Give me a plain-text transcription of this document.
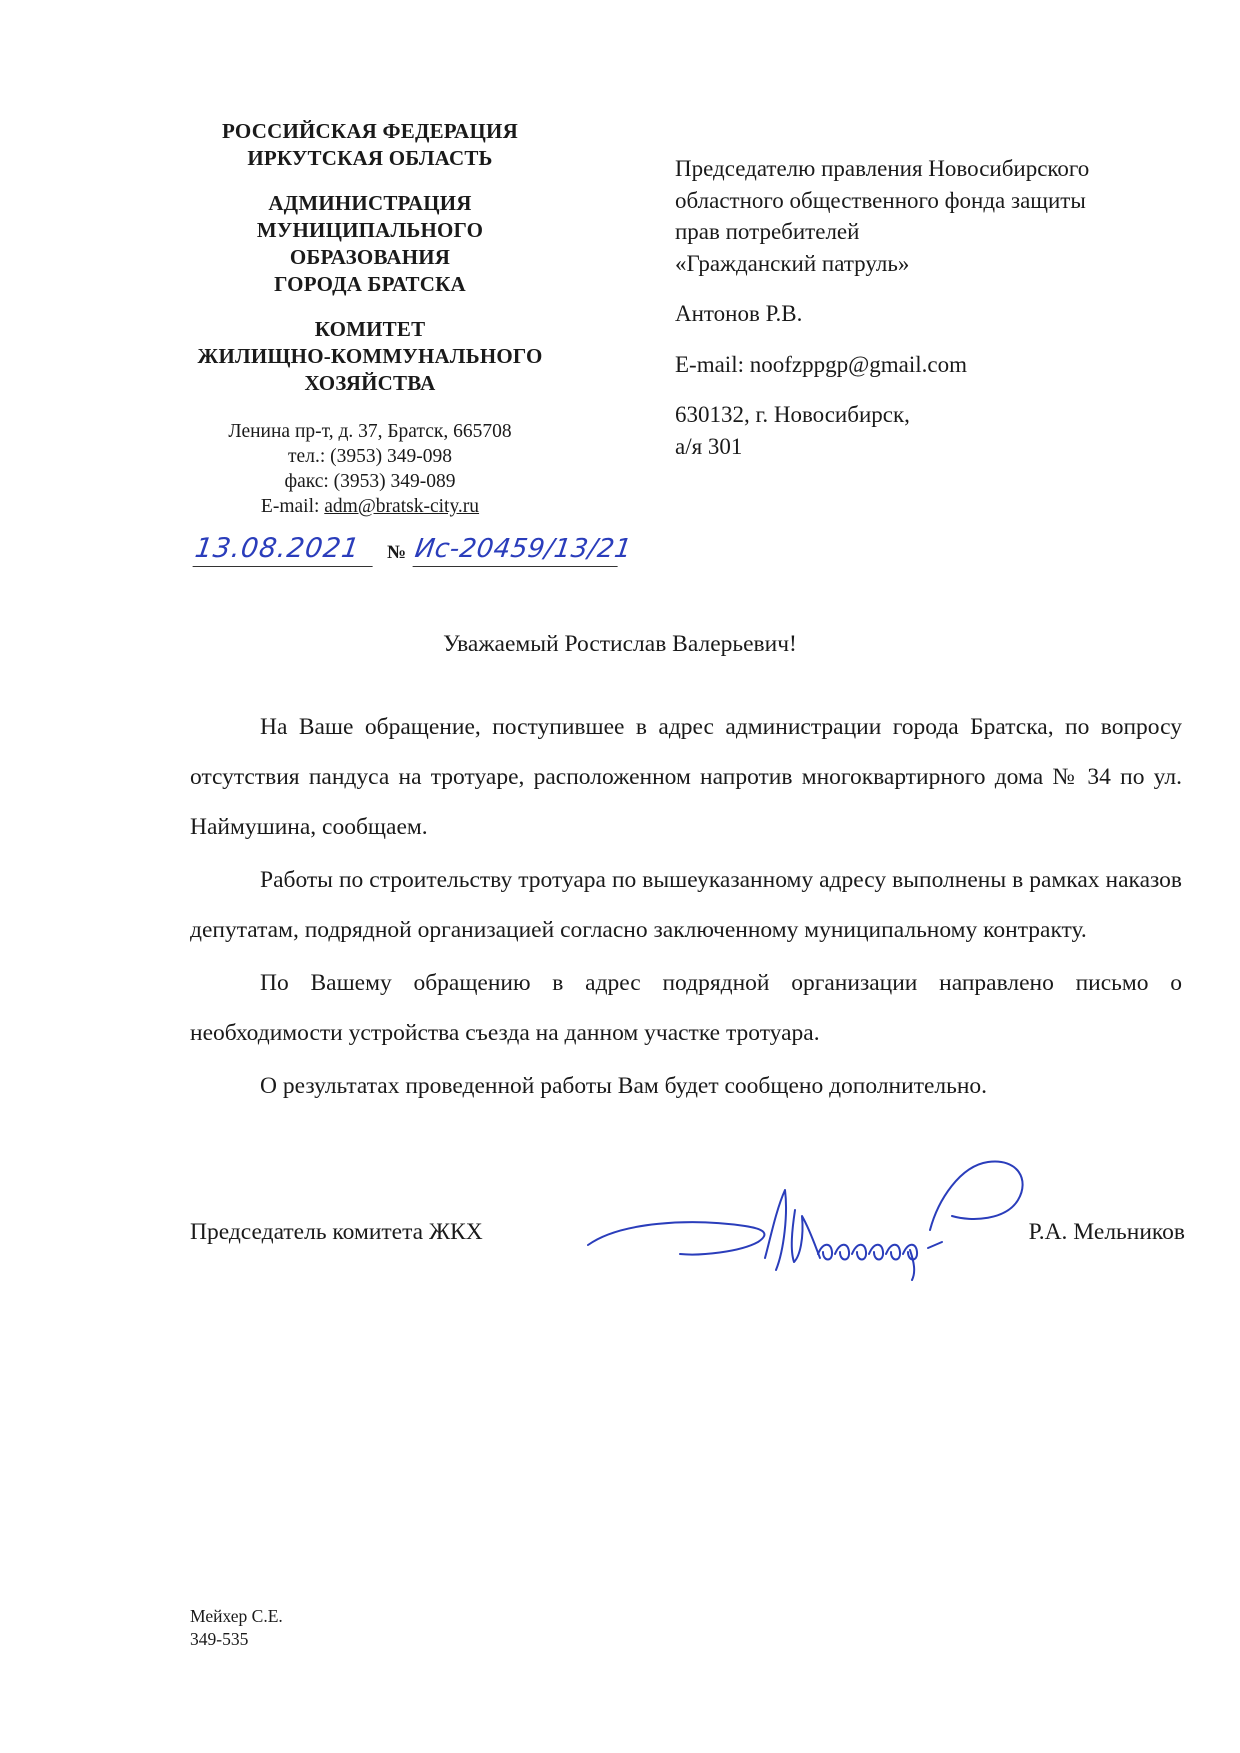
РОССИЙСКАЯ ФЕДЕРАЦИЯ
ИРКУТСКАЯ ОБЛАСТЬ
АДМИНИСТРАЦИЯ
МУНИЦИПАЛЬНОГО ОБРАЗОВАНИЯ
ГОРОДА БРАТСКА
КОМИТЕТ
ЖИЛИЩНО-КОММУНАЛЬНОГО
ХОЗЯЙСТВА
Ленина пр-т, д. 37, Братск, 665708
тел.: (3953) 349-098
факс: (3953) 349-089
E-mail: adm@bratsk-city.ru
13.08.2021	№ Ис-20459/13/21
Председателю правления Новосибирского
областного общественного фонда защиты
прав потребителей
«Гражданский патруль»
Антонов Р.В.
E-mail: noofzppgp@gmail.com
630132, г. Новосибирск,
а/я 301
Уважаемый Ростислав Валерьевич!

На Ваше обращение, поступившее в адрес администрации города Братска, по вопросу отсутствия пандуса на тротуаре, расположенном напротив многоквартирного дома № 34 по ул. Наймушина, сообщаем.

Работы по строительству тротуара по вышеуказанному адресу выполнены в рамках наказов депутатам, подрядной организацией согласно заключенному муниципальному контракту.

По Вашему обращению в адрес подрядной организации направлено письмо о необходимости устройства съезда на данном участке тротуара.

О результатах проведенной работы Вам будет сообщено дополнительно.

Председатель комитета ЖКХ	Р.А. Мельников
Мейхер С.Е.
349-535
